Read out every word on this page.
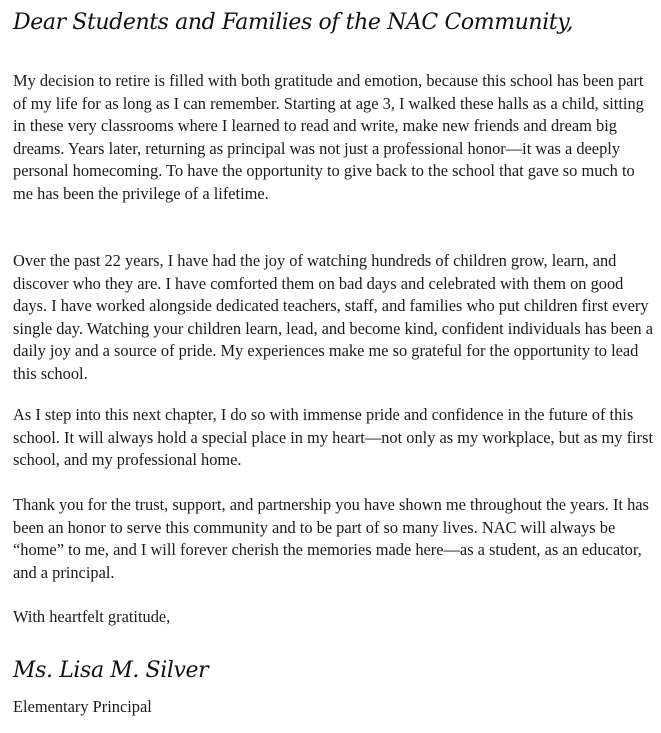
Dear Students and Families of the NAC Community,

My decision to retire is filled with both gratitude and emotion, because this school has been part of my life for as long as I can remember. Starting at age 3, I walked these halls as a child, sitting in these very classrooms where I learned to read and write, make new friends and dream big dreams. Years later, returning as principal was not just a professional honor—it was a deeply personal homecoming. To have the opportunity to give back to the school that gave so much to me has been the privilege of a lifetime.

Over the past 22 years, I have had the joy of watching hundreds of children grow, learn, and discover who they are. I have comforted them on bad days and celebrated with them on good days. I have worked alongside dedicated teachers, staff, and families who put children first every single day. Watching your children learn, lead, and become kind, confident individuals has been a daily joy and a source of pride. My experiences make me so grateful for the opportunity to lead this school.

As I step into this next chapter, I do so with immense pride and confidence in the future of this school. It will always hold a special place in my heart—not only as my workplace, but as my first school, and my professional home.

Thank you for the trust, support, and partnership you have shown me throughout the years. It has been an honor to serve this community and to be part of so many lives. NAC will always be “home” to me, and I will forever cherish the memories made here—as a student, as an educator, and a principal.

With heartfelt gratitude,
Ms. Lisa M. Silver
Elementary Principal
